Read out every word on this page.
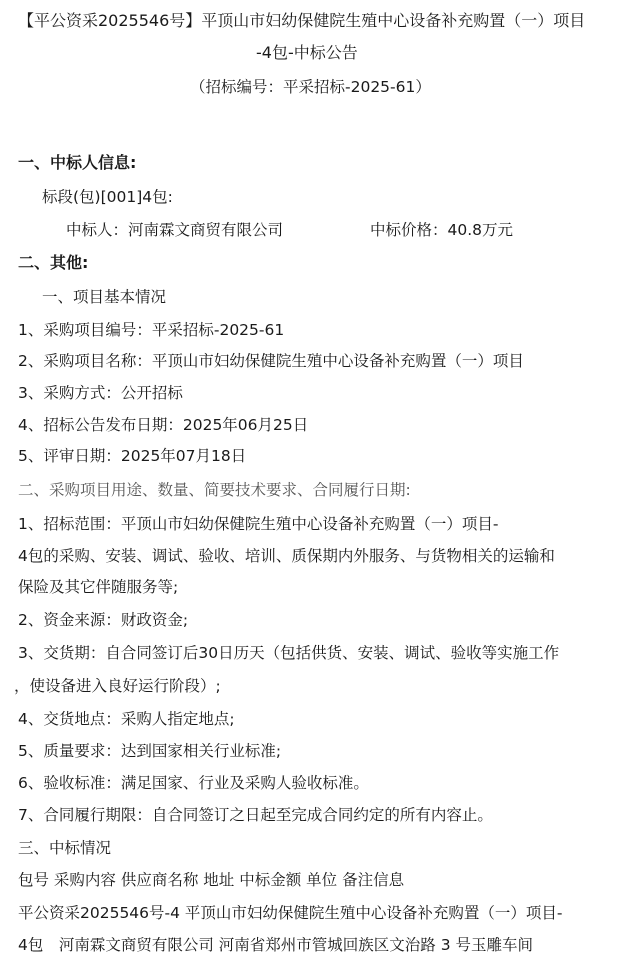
【平公资采2025546号】平顶山市妇幼保健院生殖中心设备补充购置（一）项目
-4包-中标公告
（招标编号：平采招标-2025-61）
一、中标人信息:
标段(包)[001]4包:
中标人：河南霖文商贸有限公司	中标价格：40.8万元
二、其他:
一、项目基本情况
1、采购项目编号：平采招标-2025-61
2、采购项目名称：平顶山市妇幼保健院生殖中心设备补充购置（一）项目
3、采购方式：公开招标
4、招标公告发布日期：2025年06月25日
5、评审日期：2025年07月18日
二、采购项目用途、数量、简要技术要求、合同履行日期:
1、招标范围：平顶山市妇幼保健院生殖中心设备补充购置（一）项目-
4包的采购、安装、调试、验收、培训、质保期内外服务、与货物相关的运输和
保险及其它伴随服务等;
2、资金来源：财政资金;
3、交货期：自合同签订后30日历天（包括供货、安装、调试、验收等实施工作
，使设备进入良好运行阶段）;
4、交货地点：采购人指定地点;
5、质量要求：达到国家相关行业标准;
6、验收标准：满足国家、行业及采购人验收标准。
7、合同履行期限：自合同签订之日起至完成合同约定的所有内容止。
三、中标情况
包号 采购内容 供应商名称 地址 中标金额 单位 备注信息
平公资采2025546号-4 平顶山市妇幼保健院生殖中心设备补充购置（一）项目-
4包　河南霖文商贸有限公司 河南省郑州市管城回族区文治路 3 号玉雕车间
